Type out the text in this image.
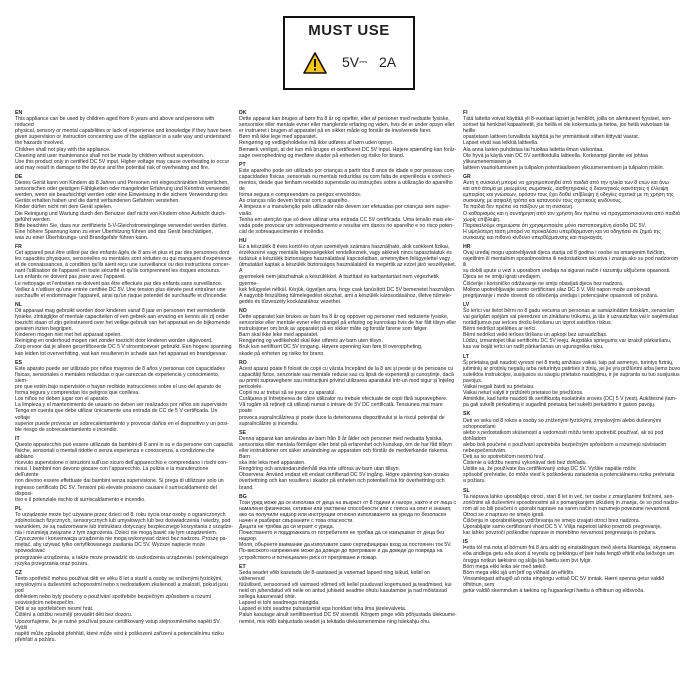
MUST USE
5V⎓ 2A

EN

This appliance can be used by children aged from 8 years and above and persons with reduced
physical, sensory or mental capabilities or lack of experience and knowledge if they have been
given supervision or instruction concerning use of the appliance in a safe way and understand
the hazards involved.
Children shall not play with the appliance.
Cleaning and user maintenance shall not be made by children without supervision.
Use this product only in certified DC 5V input. Higher voltage may cause overheating to occur
and may result in damage to the device and the potential risk of overheating and fire.

DE

Dieses Gerät kann von Kindern ab 8 Jahren und Personen mit eingeschränkten körperlichen,
sensorischen oder geistigen Fähigkeiten oder mangelnder Erfahrung und Kenntnis verwendet
werden, wenn sie beaufsichtigt werden oder eine Einweisung in die sichere Verwendung des
Geräts erhalten haben und die damit verbundenen Gefahren verstehen.
Kinder dürfen nicht mit dem Gerät spielen.
Die Reinigung und Wartung durch den Benutzer darf nicht von Kindern ohne Aufsicht durch-
geführt werden.
Bitte beachten Sie, dass nur zertifizierte 5-V-Gleichstromeingänge verwendet werden dürfen.
Eine höhere Spannung kann zu einer Überhitzung führen und das Gerät beschädigen,
was zu einer Überhitzungs- und Brandgefahr führen kann.

FR

Cet appareil peut être utilisé par des enfants âgés de 8 ans et plus et par des personnes dont
les capacités physiques, sensorielles ou mentales sont réduites ou qui manquent d'expérience
et de connaissances, à condition qu'ils aient reçu une surveillance ou des instructions concer-
nant l'utilisation de l'appareil en toute sécurité et qu'ils comprennent les risques encourus.
Les enfants ne doivent pas jouer avec l'appareil.
Le nettoyage et l'entretien ne doivent pas être effectués par des enfants sans surveillance.
Veillez à n'utiliser qu'une entrée certifiée DC 5V. Une tension plus élevée peut entraîner une
surchauffe et endommager l'appareil, ainsi qu'un risque potentiel de surchauffe et d'incendie.

NL

Dit apparaat mag gebruikt worden door kinderen vanaf 8 jaar en personen met verminderde
fysieke, zintuiglijke of mentale capaciteiten of een gebrek aan ervaring en kennis als zij onder
toezicht staan of zijn geïnstrueerd over het veilige gebruik van het apparaat en de bijkomende
gevaren inzien begrijpen.
Kinderen mogen niet met het apparaat spelen.
Reiniging en onderhoud mogen niet zonder toezicht door kinderen worden uitgevoerd.
Zorg ervoor dat je alleen gecertificeerde DC 5 V stroomtoevoer gebruikt. Een hogere spanning
kan leiden tot oververhitting, wat kan resulteren in schade aan het apparaat en brandgevaar.

ES

Este aparato puede ser utilizado por niños mayores de 8 años y personas con capacidades
físicas, sensoriales o mentales reducidas o que carezcan de experiencia y conocimiento, siem-
pre que estén bajo supervisión o hayan recibido instrucciones sobre el uso del aparato de
forma segura y comprendan los peligros que conlleva.
Los niños no deben jugar con el aparato.
La limpieza y el mantenimiento de usuario no deben ser realizados por niños sin supervisión
Tenga en cuenta que debe utilizar únicamente una entrada de CC de 5 V certificada. Un voltaje
superior puede provocar un sobrecalentamiento y provocar daños en el dispositivo y un posi-
ble riesgo de sobrecalentamiento e incendio.

IT

Questo apparecchio può essere utilizzato da bambini di 8 anni in su e da persone con capacità
fisiche, sensoriali o mentali ridotte o senza esperienza e conoscenza, a condizione che abbiano
ricevuto supervisione o istruzioni sull'uso sicuro dell'apparecchio e comprendano i rischi con-
nessi. I bambini non devono giocare con l'apparecchio. La pulizia e la manutenzione dell'utente
non devono essere effettuate dai bambini senza supervisione. Si prega di utilizzare solo un
ingresso certificato DC 5V. Tensioni più elevate possono causare il surriscaldamento del disposi-
tivo e il potenziale rischio di surriscaldamento e incendio.

PL

To urządzenie może być używane przez dzieci od 8. roku życia oraz osoby o ograniczonych
zdolnościach fizycznych, sensorycznych lub umysłowych lub bez doświadczenia i wiedzy, pod
warunkiem, że są nadzorowane lub instruktarz dotyczący bezpiecznego korzystania z urządze-
nia i rozumieją związane z tym zagrożenia. Dzieci nie mogą bawić się tym urządzeniem.
Czyszczenie i konserwacja urządzenia nie mogą wykonywać dzieci bez nadzoru. Proszę pa-
miętać, aby używać tylko certyfikowanego zasilania DC 5V. Wyższe napięcie może spowodować
przegrzanie urządzenia, a także może prowadzić do uszkodzenia urządzenia i potencjalnego
ryzyka przegrzania oraz pożaru.

CZ

Tento spotřebič mohou používat děti ve věku 8 let a starší a osoby se sníženými fyzickými,
smyslovými a duševními schopnostmi nebo s nedostatkem zkušeností a znalostí, pokud jsou pod
dohledem nebo byly poučeny o používání spotřebiče bezpečným způsobem a rozumí
souvisejícím nebezpečím.
Děti si se spotřebičem nesmí hrát.
Čištění a údržbu nesmějí provádět děti bez dozoru.
Upozorňujeme, že je nutné používat pouze certifikovaný vstup stejnosměrného napětí 5V. Vyšší
napětí může způsobit přehřátí, které může vést k poškození zařízení a potenciálnímu riziku
přehřátí a požáru.

DK

Dette apparat kan bruges af børn fra 8 år og opefter, eller af personer med nedsatte fysiske,
sensoriske eller mentale evner eller manglende erfaring og viden, hvis de er under opsyn eller
er instrueret i brugen af apparatet på en sikker måde og forstår de involverede farer.
Børn må ikke lege med apparatet.
Rengøring og vedligeholdelse må ikke udføres af børn uden opsyn.
Bemærk venligst, at det kun må bruges et certificeret DC 5V input. Højere spænding kan forår-
sage overophedning og medføre skader på enheden og risiko for brand.

PT

Este aparelho pode ser utilizado por crianças a partir dos 8 anos de idade e por pessoas com
capacidades físicas, sensoriais ou mentais reduzidas ou com falta de experiência e conheci-
mentos, desde que tenham recebido supervisão ou instruções sobre a utilização do aparelho de
forma segura e compreendam os perigos envolvidos.
As crianças não devem brincar com o aparelho.
A limpeza e a manutenção pelo utilizador não devem ser efetuadas por crianças sem super-
visão.
Tenha em atenção que só deve utilizar uma entrada CC 5V certificada. Uma tensão mais ele-
vada pode provocar um sobreaquecimento e resultar em danos no aparelho e no risco poten-
cial de sobreaquecimento e incêndio.

HU

Ez a készülék 8 éves kortól és olyan személyek számára használható, akik csökkent fizikai,
érzékszervi vagy mentális képességekkel rendelkeznek, vagy akiknek nincs tapasztalatuk és
tudásuk a készülék biztonságos használatával kapcsolatban, amennyiben felügyelettel vagy
útmutatást kaptak a készülék biztonságos használatáról és megértik az ezzel járó veszélyeket. A
gyermekek nem játszhatnak a készülékkel. A tisztítást és karbantartást nem végezhetik gyerme-
kek felügyelet nélkül. Kérjük, ügyeljen arra, hogy csak tanúsított DC 5V bemenetet használjon.
A nagyobb feszültség túlmelegedést okozhat, ami a készülék károsodásához, illetve túlmele-
gedés és tűzveszély kockázatához vezethet.

NO

Dette apparatet kan brukes av barn fra 8 år og oppover og personer med reduserte fysiske,
sensoriske eller mentale evner eller mangel på erfaring og kunnskap hvis de har fått tilsyn eller
instruksjoner om bruk av apparatet på en sikker måte og forstår farene som følger.
Barn skal ikke leke med apparatet.
Rengjøring og vedlikehold skal ikke utføres av barn uten tilsyn.
Bruk kun sertifisert DC 5V inngang. Høyere spenning kan føre til overoppheting,
skade på enheten og risiko for brann.

RO

Acest aparat poate fi folosit de copii cu vârsta începând de la 8 ani și peste și de persoane cu
capacități fizice, senzoriale sau mentale reduse sau cu lipsă de experiență și cunoștințe, dacă
au primit supraveghere sau instrucțiuni privind utilizarea aparatului într-un mod sigur și înțeleg
pericolele.
Copiii nu ar trebui să se joace cu aparatul.
Curățarea și întreținerea de către utilizator nu trebuie efectuate de copii fără supraveghere.
Vă rugăm să rețineți că utilizați numai o intrare de 5V DC certificată. Tensiunea mai mare poate
provoca supraîncălzirea și poate duce la deteriorarea dispozitivului și la riscul potențial de
supraîncălzire și incendiu.

SE

Denna apparat kan användas av barn från 8 år ålder och personer med nedsatta fysiska,
sensoriska eller mentala förmågor eller brist på erfarenhet och kunskap, om de har fått tillsyn
eller instruktioner om säker användning av apparaten och förstår de medverkande riskerna. Barn
ska inte leka med apparaten.
Rengöring och användarunderhåll ska inte utföras av barn utan tillsyn.
Observera: Använd endast ett endast certifierad DC 5V ingång. Högre spänning kan orsaka
överhettning och kan resultera i skador på enheten och potentiell risk för överhettning och
brand.

BG

Този уред може да се използва от деца на възраст от 8 години и нагоре, както и от лица с
намалени физически, сетивни или умствени способности или с липса на опит и знания,
ако са получили надзор или инструкции относно използването на уреда по безопасен
начин и разбират свързаните с това опасности.
Децата не трябва да си играят с уреда.
Почистването и поддръжката от потребителя не трябва да се извършват от деца без надзор.
Моля, обърнете внимание да използвате само сертифициран вход за постоянен ток 5V.
По-високото напрежение може да доведе до прегряване и да доведе до повреда на
устройството и потенциален риск от прегряване и пожар.

ET

Seda seadet võib kasutada üle 8-aastased ja vanemad lapsed ning isikud, kellel on vähenenud
füüsilised, sensoorsed või vaimsed võimed või kellel puuduvad kogemused ja teadmised, kui
neid on juhendatud või neile on antud juhiseid seadme ohutu kasutamise ja nad mõistavad
sellega kaasnevaid ohte.
Lapsed ei tohi seadmega mängida.
Lapsed ei tohi seadme puhastamist ega hooldust teha ilma järelevalveta.
Palun kasutage ainult sertifitseeritud DC 5V sisendit. Kõrgem pinge võib põhjustada ülekuume-
nemist, mis võib kahjustada seadet ja tekitada ülekuumenemise ning tulekahju ohu.

FI

Tätä laitetta voivat käyttää yli 8-vuotiaat lapset ja henkilöt, joilla on alentuneet fyysiset, sen-
soriset tai henkiset kapasiteetit, jos heillä ei ole kokemusta ja tietoa, jos heitä valvotaan tai heille
opastetaan laitteen turvallista käyttöä ja he ymmärtävät siihen liittyvät vaarat.
Lapset eivät saa leikkiä laitteella.
Ala anna lasten puhdistaa tai huoltaa laitetta ilman valvontaa.
Ole hyvä ja käytä vain DC 5V sertifioidulla laitteella. Korkeampi jännite voi johtaa ylikuumenemiseen ja
laitteen vaurioitumiseen ja tulipalon potentiaaliseen ylikuumenemisen ja tulipalon riskiin.

GR

Αυτή η συσκευή μπορεί να χρησιμοποιηθεί από παιδιά από την ηλικία των 8 ετών και άνω
και από άτομα με μειωμένες σωματικές, αισθητηριακές ή διανοητικές ικανότητες ή έλλειψη
εμπειρίας και γνώσεων, εφόσον τους έχει δοθεί επίβλεψη ή οδηγίες σχετικά με τη χρήση της
συσκευής με ασφαλή τρόπο και κατανοούν τους σχετικούς κινδύνους.
Τα παιδιά δεν πρέπει να παίζουν με τη συσκευή.
Ο καθαρισμός και η συντήρηση από τον χρήστη δεν πρέπει να πραγματοποιούνται από παιδιά
χωρίς επίβλεψη.
Παρακαλούμε σημειώστε ότι χρησιμοποιείτε μόνο πιστοποιημένη είσοδο DC 5V.
Η υψηλότερη τάση μπορεί να προκαλέσει υπερθέρμανση και να οδηγήσει σε ζημιά της
συσκευής και πιθανό κίνδυνο υπερθέρμανσης και πυρκαγιάς.

HR

Ovaj uređaj mogu upotrebljavati djeca starija od 8 godina i osobe sa smanjenim fizičkim,
osjetilnim ili mentalnim sposobnostima ili nedostatkom iskustva i znanja ako su pod nadzorom ili
su dobili upute u vezi s uporabom uređaja na siguran način i razumiju uključene opasnosti.
Djeca se ne smiju igrati uređajem.
Čišćenje i korisničko održavanje ne smiju obavljati djeca bez nadzora.
Molimo upotrebljavajte samo certificirani ulaz DC 5 V. Viši napon može uzrokovati
pregrijavanje i može dovesti do oštećenja uređaja i potencijalne opasnosti od požara.

LV

Šo ierīci var lietot bērni no 8 gadu vecuma un personas ar samazinātām fiziskām, sensorām
vai garīgām spējām vai pieredzes un zināšanu trūkumu, ja tās ir uzraudzītas vai ir saņēmušas
norādījumus par ierīces drošu lietošanu un izprot saistītos riskus.
Bērni nedrīkst spēlēties ar ierīci.
Bērni nedrīkst veikt ierīces tīrīšanu un apkopi bez uzraudzības.
Lūdzu, izmantojiet tikai sertificētu DC 5V ieeju. Augstāks spriegums var izraisīt pārkaršanu,
kas var bojāt ierīci un radīt pārkaršanas un ugunsgrēka risku.

LT

Šį prietaisą gali naudoti vyresni nei 8 metų amžiaus vaikai, taip pat asmenys, turintys fizinių,
jutiminių ar protinių negalių arba neturintys patirties ir žinių, jei jie yra prižiūrimi arba jiems buvo
suteiktos instrukcijos, susijusios su saugiu prietaiso naudojimu, ir jie supranta su tuo susijusius
pavojus.
Vaikai negali žaisti su prietaisu.
Vaikai neturi valyti ir prižiūrėti prietaiso be priežiūros.
Atminkite, kad turite naudoti tik sertifikuotą nuolatinės srovės (DC) 5 V įvestį. Aukštesnė įtam-
pa gali sukelti perkaitimą ir sugadinti prietaisą bei sukelti perkaitimo ir gaisro pavojų.

SK

Deti vo veku od 8 rokov a osoby so zníženými fyzickými, zmyslovými alebo duševnými schopnosťami
alebo s nedostatkom skúseností a vedomostí môžu tento spotrebič používať, ak sú pod dohľadom
alebo boli poučené o používaní spotrebiča bezpečným spôsobom a rozumejú súvisiacim nebezpečenstvám.
Deti sa so spotrebičom nesmú hrať.
Čistenie a údržbu nesmú vykonávať deti bez dohľadu.
Uistite sa, že používate iba certifikovaný vstup DC 5V. Vyššie napätie môže
spôsobiť prehriatie, čo môže viesť k poškodeniu zariadenia a potenciálnemu riziku prehriatia
a požiaru.

SL

Ta naprava lahko uporabljajo otroci, stari 8 let in več, ter osebe z zmanjšanimi fizičnimi, sen-
zoričnimi ali duševnimi sposobnostmi ali s pomanjkanjem izkušenj in znanja, če so pod nadzo-
rom ali so bili poučeni o uporabi naprave na varen način in razumejo povezane nevarnosti.
Otroci se z napravo ne smejo igrati.
Čiščenja in uporabniškega vzdrževanja ne smejo izvajati otroci brez nadzora.
Uporabljajte samo certificirani vhod DC 5 V. Višja napetost lahko povzroči pregrevanje,
kar lahko povzroči poškodbe naprave in morebitno nevarnost pregrevanja in požara.

IS

Þetta tól má nota af börnum frá 8 ára aldri og einstaklingum með skerta líkamlega, skynræna
eða andlega getu eða skort á reynslu og þekkingu ef þeir hafa fengið eftirlit eða leiðsögn um
örugga notkun tækisins og skilja þá hættu sem því fylgir.
Börn mega ekki leika sér með tækið.
Börn mega ekki sjá um þrif og viðhald án eftirlits.
Vinsamlegast athugið að nota eingöngu vottað DC 5V inntak. Hærri spenna getur valdið ofhitnun, sem
getur valdið skemmdum á tækinu og hugsanlegri hættu á ofhitnun og eldsvoða.
